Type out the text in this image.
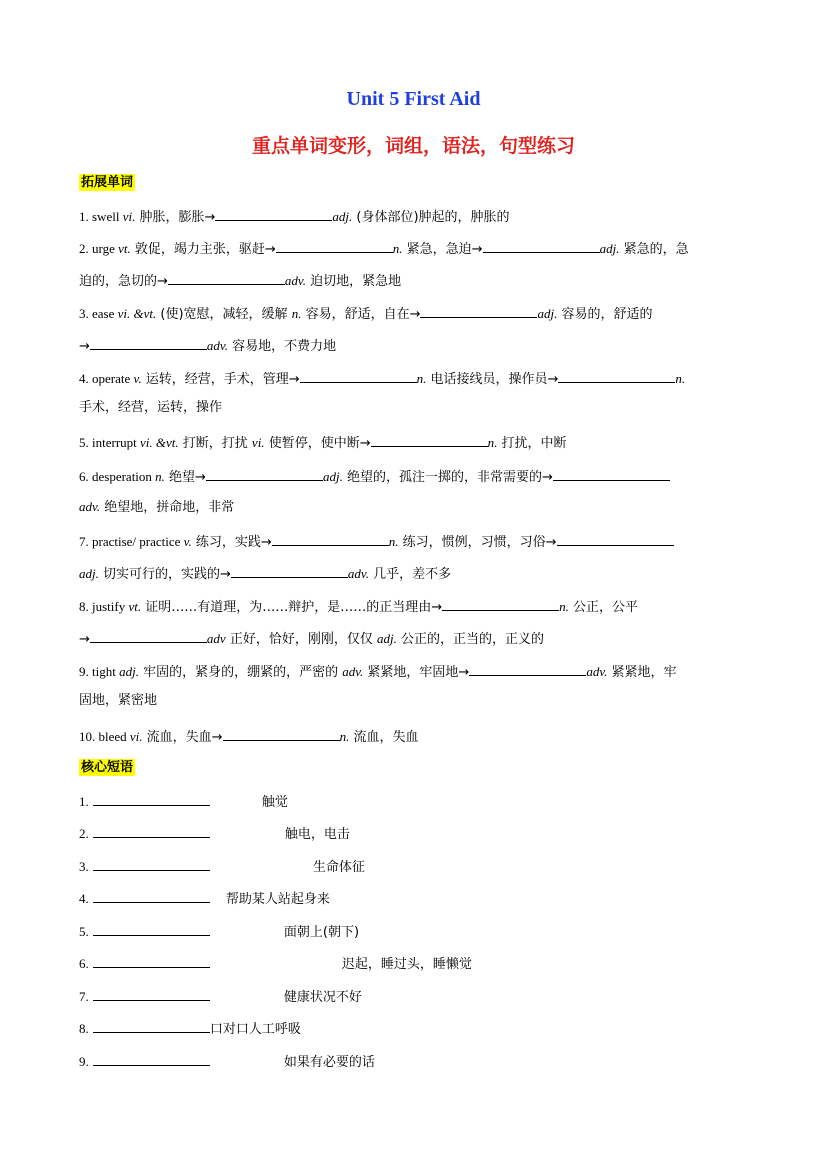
Unit 5 First Aid
重点单词变形，词组，语法，句型练习
拓展单词
1. swell vi. 肿胀，膨胀→	adj. (身体部位)肿起的，肿胀的
2. urge vt. 敦促，竭力主张，驱赶→	n. 紧急，急迫→	adj. 紧急的，急
迫的，急切的→	adv. 迫切地，紧急地
3. ease vi. &vt. (使)宽慰，减轻，缓解 n. 容易，舒适，自在→	adj. 容易的，舒适的
→	adv. 容易地，不费力地
4. operate v. 运转，经营，手术，管理→	n. 电话接线员，操作员→	n.
手术，经营，运转，操作
5. interrupt vi. &vt. 打断，打扰 vi. 使暂停，使中断→	n. 打扰，中断
6. desperation n. 绝望→	adj. 绝望的，孤注一掷的，非常需要的→
adv. 绝望地，拼命地，非常
7. practise/ practice v. 练习，实践→	n. 练习，惯例，习惯，习俗→
adj. 切实可行的，实践的→	adv. 几乎，差不多
8. justify vt. 证明……有道理，为……辩护，是……的正当理由→	n. 公正，公平
→	adv 正好，恰好，刚刚，仅仅 adj. 公正的，正当的，正义的
9. tight adj. 牢固的，紧身的，绷紧的，严密的 adv. 紧紧地，牢固地→	adv. 紧紧地，牢
固地，紧密地
10. bleed vi. 流血，失血→	n. 流血，失血
核心短语
1.	触觉
2.	触电，电击
3.	生命体征
4.	帮助某人站起身来
5.	面朝上(朝下)
6.	迟起，睡过头，睡懒觉
7.	健康状况不好
8.	口对口人工呼吸
9.	如果有必要的话
